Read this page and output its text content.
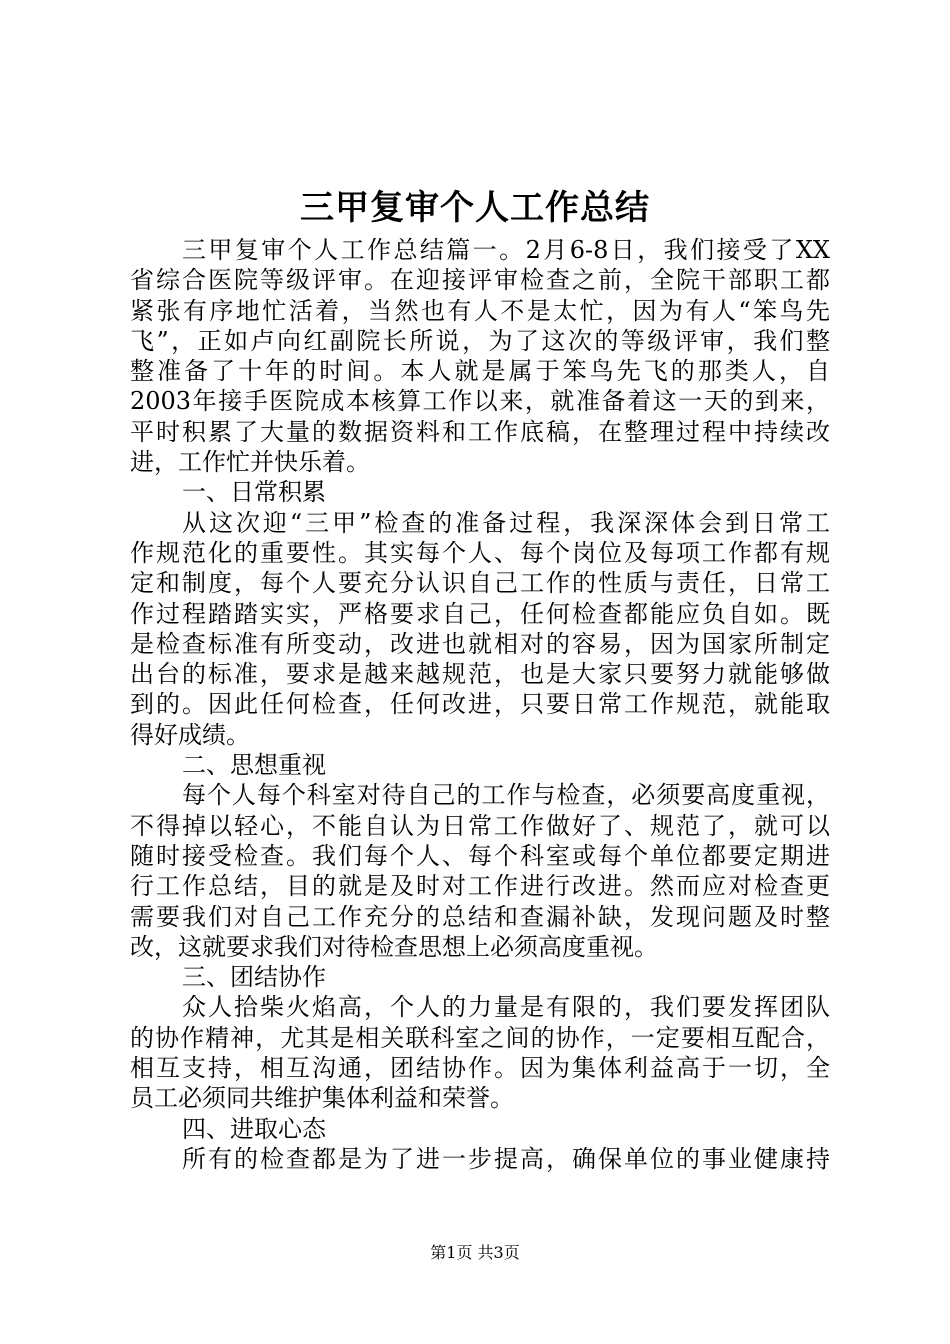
三甲复审个人工作总结
三甲复审个人工作总结篇一。2月6-8日，我们接受了XX
省综合医院等级评审。在迎接评审检查之前，全院干部职工都
紧张有序地忙活着，当然也有人不是太忙，因为有人“笨鸟先
飞”，正如卢向红副院长所说，为了这次的等级评审，我们整
整准备了十年的时间。本人就是属于笨鸟先飞的那类人，自
2003年接手医院成本核算工作以来，就准备着这一天的到来，
平时积累了大量的数据资料和工作底稿，在整理过程中持续改
进，工作忙并快乐着。
一、日常积累
从这次迎“三甲”检查的准备过程，我深深体会到日常工
作规范化的重要性。其实每个人、每个岗位及每项工作都有规
定和制度，每个人要充分认识自己工作的性质与责任，日常工
作过程踏踏实实，严格要求自己，任何检查都能应负自如。既
是检查标准有所变动，改进也就相对的容易，因为国家所制定
出台的标准，要求是越来越规范，也是大家只要努力就能够做
到的。因此任何检查，任何改进，只要日常工作规范，就能取
得好成绩。
二、思想重视
每个人每个科室对待自己的工作与检查，必须要高度重视，
不得掉以轻心，不能自认为日常工作做好了、规范了，就可以
随时接受检查。我们每个人、每个科室或每个单位都要定期进
行工作总结，目的就是及时对工作进行改进。然而应对检查更
需要我们对自己工作充分的总结和查漏补缺，发现问题及时整
改，这就要求我们对待检查思想上必须高度重视。
三、团结协作
众人拾柴火焰高，个人的力量是有限的，我们要发挥团队
的协作精神，尤其是相关联科室之间的协作，一定要相互配合，
相互支持，相互沟通，团结协作。因为集体利益高于一切，全
员工必须同共维护集体利益和荣誉。
四、进取心态
所有的检查都是为了进一步提高，确保单位的事业健康持
第1页 共3页
